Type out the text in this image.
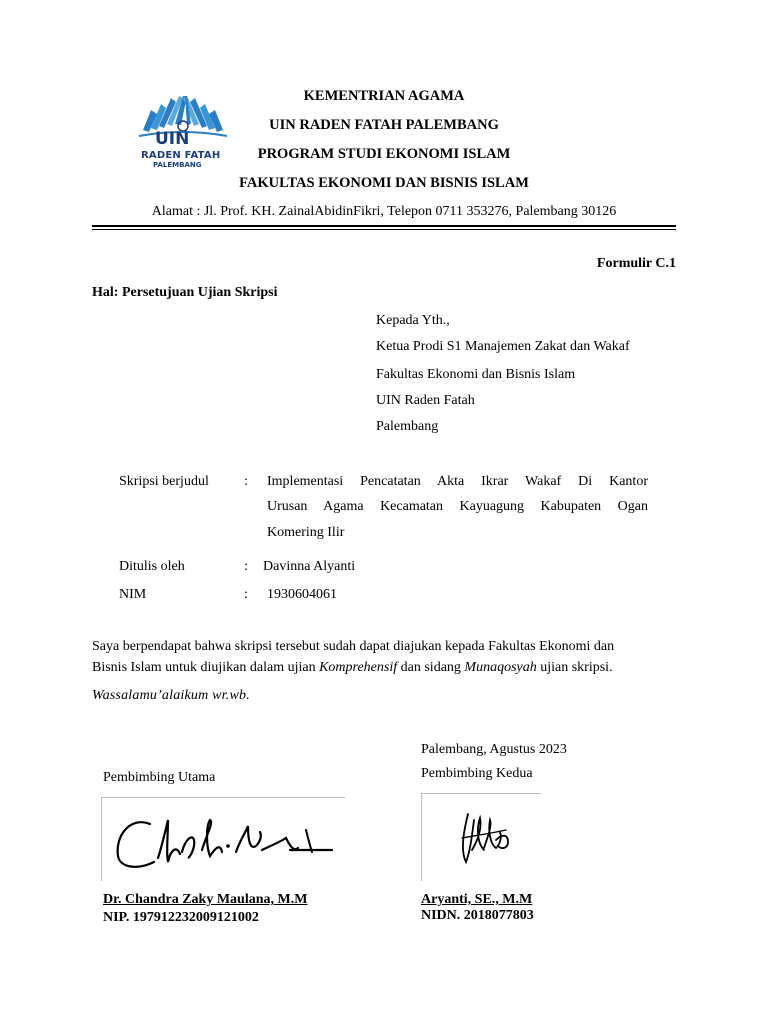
UIN
RADEN FATAH
PALEMBANG
KEMENTRIAN AGAMA
UIN RADEN FATAH PALEMBANG
PROGRAM STUDI EKONOMI ISLAM
FAKULTAS EKONOMI DAN BISNIS ISLAM
Alamat : Jl. Prof. KH. ZainalAbidinFikri, Telepon 0711 353276, Palembang 30126
Formulir C.1
Hal: Persetujuan Ujian Skripsi
Kepada Yth.,
Ketua Prodi S1 Manajemen Zakat dan Wakaf
Fakultas Ekonomi dan Bisnis Islam
UIN Raden Fatah
Palembang
Skripsi berjudul	: Implementasi Pencatatan Akta Ikrar Wakaf Di Kantor
Urusan Agama Kecamatan Kayuagung Kabupaten Ogan
Komering Ilir
Ditulis oleh	: Davinna Alyanti
NIM	: 1930604061
Saya berpendapat bahwa skripsi tersebut sudah dapat diajukan kepada Fakultas Ekonomi dan
Bisnis Islam untuk diujikan dalam ujian Komprehensif dan sidang Munaqosyah ujian skripsi.
Wassalamu’alaikum wr.wb.
Palembang, Agustus 2023
Pembimbing Utama	Pembimbing Kedua
Dr. Chandra Zaky Maulana, M.M
NIP. 197912232009121002
Aryanti, SE., M.M
NIDN. 2018077803
